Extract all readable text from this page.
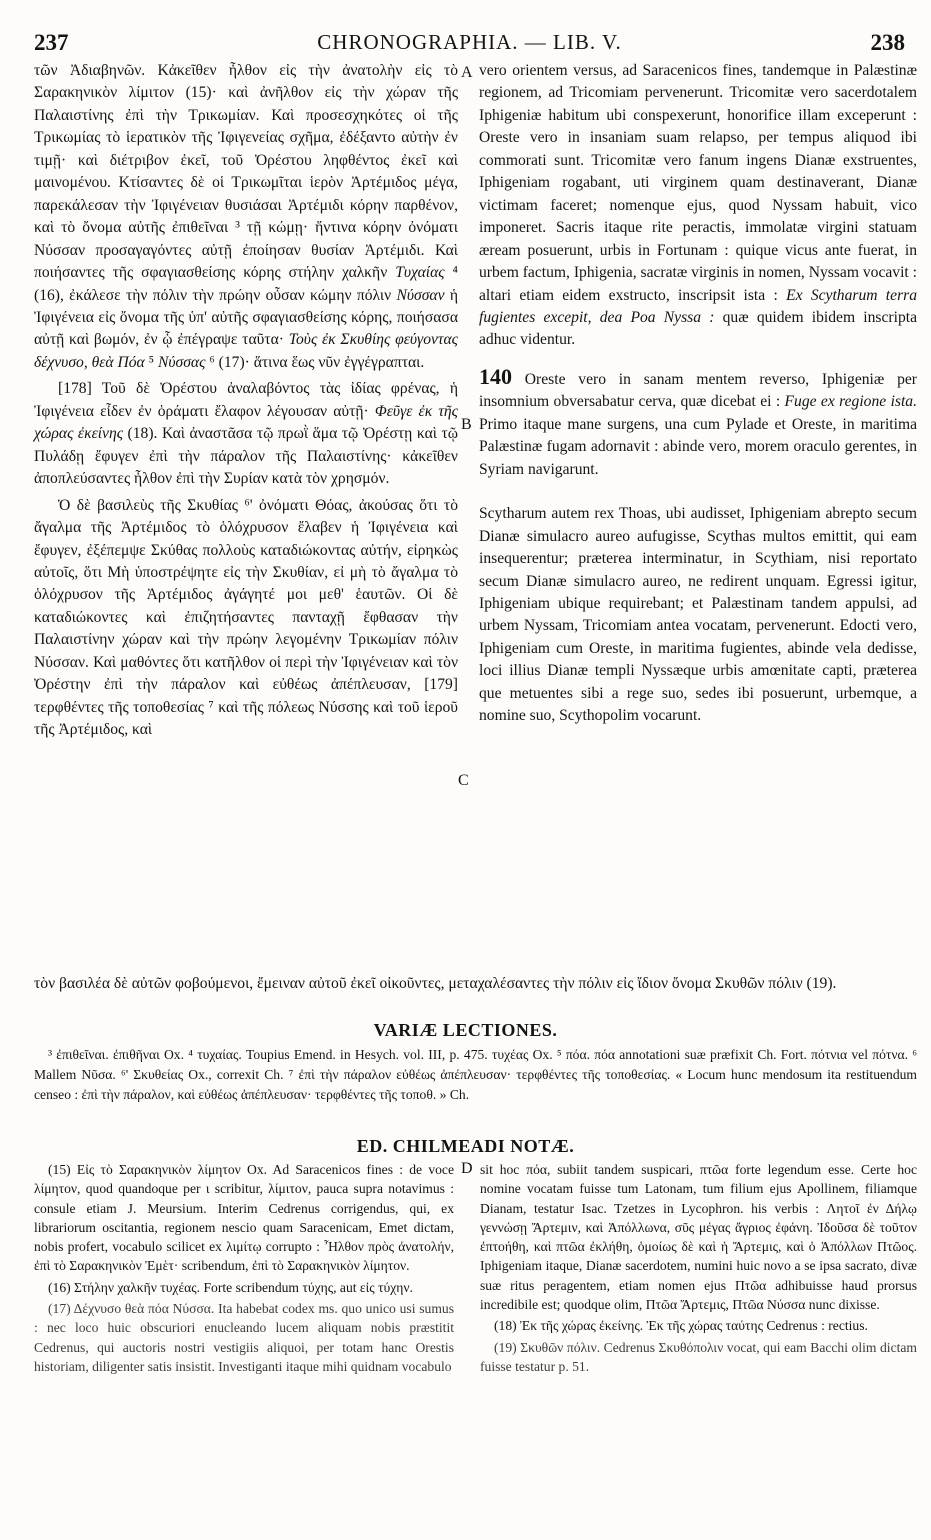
237	CHRONOGRAPHIA. — LIB. V.	238

τῶν Ἀδιαβηνῶν. Κἀκεῖθεν ἦλθον εἰς τὴν ἀνατολὴν εἰς τὸ Σαρακηνικὸν λίμιτον (15)· καὶ ἀνῆλθον εἰς τὴν χώραν τῆς Παλαιστίνης ἐπὶ τὴν Τρικωμίαν. Καὶ προσεσχηκότες οἱ τῆς Τρικωμίας τὸ ἱερατικὸν τῆς Ἰφιγενείας σχῆμα, ἐδέξαντο αὐτὴν ἐν τιμῇ· καὶ διέτριβον ἐκεῖ, τοῦ Ὀρέστου ληφθέντος ἐκεῖ καὶ μαινομένου. Κτίσαντες δὲ οἱ Τρικωμῖται ἱερὸν Ἀρτέμιδος μέγα, παρεκάλεσαν τὴν Ἰφιγένειαν θυσιάσαι Ἀρτέμιδι κόρην παρθένον, καὶ τὸ ὄνομα αὐτῆς ἐπιθεῖναι ³ τῇ κώμῃ· ἥντινα κόρην ὀνόματι Νύσσαν προσαγαγόντες αὐτῇ ἐποίησαν θυσίαν Ἀρτέμιδι. Καὶ ποιήσαντες τῆς σφαγιασθείσης κόρης στήλην χαλκῆν Τυχαίας ⁴ (16), ἐκάλεσε τὴν πόλιν τὴν πρώην οὖσαν κώμην πόλιν Νύσσαν ἡ Ἰφιγένεια εἰς ὄνομα τῆς ὑπ' αὐτῆς σφαγιασθείσης κόρης, ποιήσασα αὐτῇ καὶ βωμόν, ἐν ᾧ ἐπέγραψε ταῦτα· Τοὺς ἐκ Σκυθίης φεύγοντας δέχνυσο, θεὰ Πόα ⁵ Νύσσας ⁶ (17)· ἅτινα ἕως νῦν ἐγγέγραπται.

[178] Τοῦ δὲ Ὀρέστου ἀναλαβόντος τὰς ἰδίας φρένας, ἡ Ἰφιγένεια εἶδεν ἐν ὁράματι ἔλαφον λέγουσαν αὐτῇ· Φεῦγε ἐκ τῆς χώρας ἐκείνης (18). Καὶ ἀναστᾶσα τῷ πρωῒ ἅμα τῷ Ὀρέστῃ καὶ τῷ Πυλάδῃ ἔφυγεν ἐπὶ τὴν πάραλον τῆς Παλαιστίνης· κἀκεῖθεν ἀποπλεύσαντες ἦλθον ἐπὶ τὴν Συρίαν κατὰ τὸν χρησμόν.

Ὁ δὲ βασιλεὺς τῆς Σκυθίας ⁶' ὀνόματι Θόας, ἀκούσας ὅτι τὸ ἄγαλμα τῆς Ἀρτέμιδος τὸ ὁλόχρυσον ἔλαβεν ἡ Ἰφιγένεια καὶ ἔφυγεν, ἐξέπεμψε Σκύθας πολλοὺς καταδιώκοντας αὐτήν, εἰρηκὼς αὐτοῖς, ὅτι Μὴ ὑποστρέψητε εἰς τὴν Σκυθίαν, εἰ μὴ τὸ ἄγαλμα τὸ ὁλόχρυσον τῆς Ἀρτέμιδος ἀγάγητέ μοι μεθ' ἑαυτῶν. Οἱ δὲ καταδιώκοντες καὶ ἐπιζητήσαντες πανταχῇ ἔφθασαν τὴν Παλαιστίνην χώραν καὶ τὴν πρώην λεγομένην Τρικωμίαν πόλιν Νύσσαν. Καὶ μαθόντες ὅτι κατῆλθον οἱ περὶ τὴν Ἰφιγένειαν καὶ τὸν Ὀρέστην ἐπὶ τὴν πάραλον καὶ εὐθέως ἀπέπλευσαν, [179] τερφθέντες τῆς τοποθεσίας ⁷ καὶ τῆς πόλεως Νύσσης καὶ τοῦ ἱεροῦ τῆς Ἀρτέμιδος, καὶ

A
B
C
D

vero orientem versus, ad Saracenicos fines, tandemque in Palæstinæ regionem, ad Tricomiam pervenerunt. Tricomitæ vero sacerdotalem Iphigeniæ habitum ubi conspexerunt, honorifice illam exceperunt : Oreste vero in insaniam suam relapso, per tempus aliquod ibi commorati sunt. Tricomitæ vero fanum ingens Dianæ exstruentes, Iphigeniam rogabant, uti virginem quam destinaverant, Dianæ victimam faceret; nomenque ejus, quod Nyssam habuit, vico imponeret. Sacris itaque rite peractis, immolatæ virgini statuam æream posuerunt, urbis in Fortunam : quique vicus ante fuerat, in urbem factum, Iphigenia, sacratæ virginis in nomen, Nyssam vocavit : altari etiam eidem exstructo, inscripsit ista : Ex Scytharum terra fugientes excepit, dea Poa Nyssa : quæ quidem ibidem inscripta adhuc videntur.

140 Oreste vero in sanam mentem reverso, Iphigeniæ per insomnium obversabatur cerva, quæ dicebat ei : Fuge ex regione ista. Primo itaque mane surgens, una cum Pylade et Oreste, in maritima Palæstinæ fugam adornavit : abinde vero, morem oraculo gerentes, in Syriam navigarunt.

Scytharum autem rex Thoas, ubi audisset, Iphigeniam abrepto secum Dianæ simulacro aureo aufugisse, Scythas multos emittit, qui eam insequerentur; præterea interminatur, in Scythiam, nisi reportato secum Dianæ simulacro aureo, ne redirent unquam. Egressi igitur, Iphigeniam ubique requirebant; et Palæstinam tandem appulsi, ad urbem Nyssam, Tricomiam antea vocatam, pervenerunt. Edocti vero, Iphigeniam cum Oreste, in maritima fugientes, abinde vela dedisse, loci illius Dianæ templi Nyssæque urbis amœnitate capti, præterea que metuentes sibi a rege suo, sedes ibi posuerunt, urbemque, a nomine suo, Scythopolim vocarunt.

τὸν βασιλέα δὲ αὐτῶν φοβούμενοι, ἔμειναν αὐτοῦ ἐκεῖ οἰκοῦντες, μεταχαλέσαντες τὴν πόλιν εἰς ἴδιον ὄνομα Σκυθῶν πόλιν (19).
VARIÆ LECTIONES.
³ ἐπιθεῖναι. ἐπιθῆναι Ox. ⁴ τυχαίας. Toupius Emend. in Hesych. vol. III, p. 475. τυχέας Ox. ⁵ πόα. πόα annotationi suæ præfixit Ch. Fort. πότνια vel πότνα. ⁶ Mallem Νῦσα. ⁶' Σκυθείας Ox., correxit Ch. ⁷ ἐπὶ τὴν πάραλον εὐθέως ἀπέπλευσαν· τερφθέντες τῆς τοποθεσίας. « Locum hunc mendosum ita restituendum censeo : ἐπὶ τὴν πάραλον, καὶ εὐθέως ἀπέπλευσαν· τερφθέντες τῆς τοποθ. » Ch.
ED. CHILMEADI NOTÆ.

(15) Εἰς τὸ Σαρακηνικὸν λίμητον Ox. Ad Saracenicos fines : de voce λίμητον, quod quandoque per ι scribitur, λίμιτον, pauca supra notavimus : consule etiam J. Meursium. Interim Cedrenus corrigendus, qui, ex librariorum oscitantia, regionem nescio quam Saracenicam, Emet dictam, nobis profert, vocabulo scilicet ex λιμίτῳ corrupto : Ἦλθον πρὸς ἀνατολήν, ἐπὶ τὸ Σαρακηνικὸν Ἐμὲτ· scribendum, ἐπὶ τὸ Σαρακηνικὸν λίμητον.

(16) Στήλην χαλκῆν τυχέας. Forte scribendum τύχης, aut εἰς τύχην.

(17) Δέχνυσο θεὰ πόα Νύσσα. Ita habebat codex ms. quo unico usi sumus : nec loco huic obscuriori enucleando lucem aliquam nobis præstitit Cedrenus, qui auctoris nostri vestigiis aliquoi, per totam hanc Orestis historiam, diligenter satis insistit. Investiganti itaque mihi quidnam vocabulo

sit hoc πόα, subiit tandem suspicari, πτῶα forte legendum esse. Certe hoc nomine vocatam fuisse tum Latonam, tum filium ejus Apollinem, filiamque Dianam, testatur Isac. Tzetzes in Lycophron. his verbis : Λητοῖ ἐν Δήλῳ γεννώσῃ Ἄρτεμιν, καὶ Ἀπόλλωνα, σῦς μέγας ἄγριος ἐφάνη. Ἰδοῦσα δὲ τοῦτον ἐπτοήθη, καὶ πτῶα ἐκλήθη, ὁμοίως δὲ καὶ ἡ Ἄρτεμις, καὶ ὁ Ἀπόλλων Πτῶος. Iphigeniam itaque, Dianæ sacerdotem, numini huic novo a se ipsa sacrato, divæ suæ ritus peragentem, etiam nomen ejus Πτῶα adhibuisse haud prorsus incredibile est; quodque olim, Πτῶα Ἄρτεμις, Πτῶα Νύσσα nunc dixisse.

(18) Ἐκ τῆς χώρας ἐκείνης. Ἐκ τῆς χώρας ταύτης Cedrenus : rectius.

(19) Σκυθῶν πόλιν. Cedrenus Σκυθόπολιν vocat, qui eam Bacchi olim dictam fuisse testatur p. 51.
